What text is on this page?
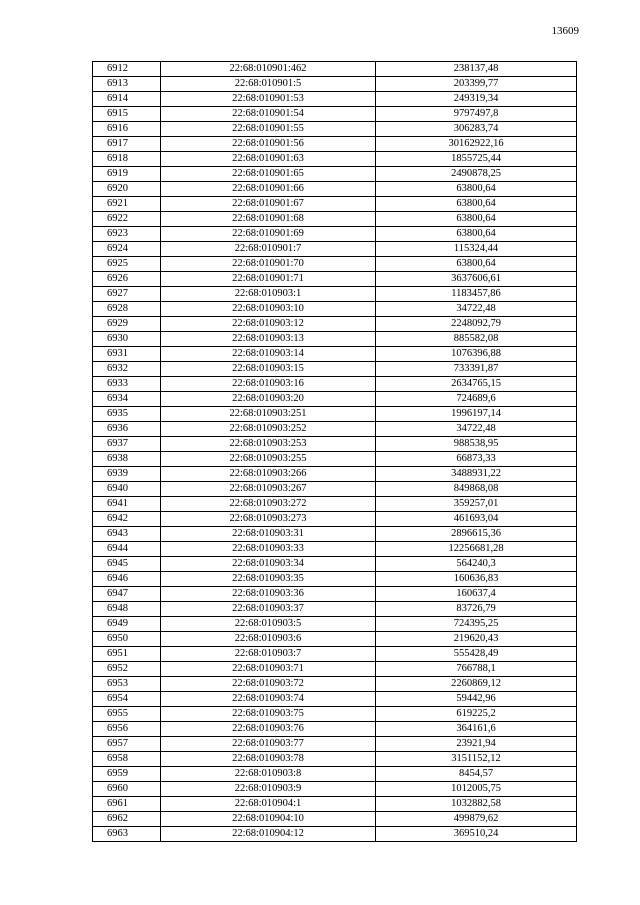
13609
6912	22:68:010901:462	238137,48
6913	22:68:010901:5	203399,77
6914	22:68:010901:53	249319,34
6915	22:68:010901:54	9797497,8
6916	22:68:010901:55	306283,74
6917	22:68:010901:56	30162922,16
6918	22:68:010901:63	1855725,44
6919	22:68:010901:65	2490878,25
6920	22:68:010901:66	63800,64
6921	22:68:010901:67	63800,64
6922	22:68:010901:68	63800,64
6923	22:68:010901:69	63800,64
6924	22:68:010901:7	115324,44
6925	22:68:010901:70	63800,64
6926	22:68:010901:71	3637606,61
6927	22:68:010903:1	1183457,86
6928	22:68:010903:10	34722,48
6929	22:68:010903:12	2248092,79
6930	22:68:010903:13	885582,08
6931	22:68:010903:14	1076396,88
6932	22:68:010903:15	733391,87
6933	22:68:010903:16	2634765,15
6934	22:68:010903:20	724689,6
6935	22:68:010903:251	1996197,14
6936	22:68:010903:252	34722,48
6937	22:68:010903:253	988538,95
6938	22:68:010903:255	66873,33
6939	22:68:010903:266	3488931,22
6940	22:68:010903:267	849868,08
6941	22:68:010903:272	359257,01
6942	22:68:010903:273	461693,04
6943	22:68:010903:31	2896615,36
6944	22:68:010903:33	12256681,28
6945	22:68:010903:34	564240,3
6946	22:68:010903:35	160636,83
6947	22:68:010903:36	160637,4
6948	22:68:010903:37	83726,79
6949	22:68:010903:5	724395,25
6950	22:68:010903:6	219620,43
6951	22:68:010903:7	555428,49
6952	22:68:010903:71	766788,1
6953	22:68:010903:72	2260869,12
6954	22:68:010903:74	59442,96
6955	22:68:010903:75	619225,2
6956	22:68:010903:76	364161,6
6957	22:68:010903:77	23921,94
6958	22:68:010903:78	3151152,12
6959	22:68:010903:8	8454,57
6960	22:68:010903:9	1012005,75
6961	22:68:010904:1	1032882,58
6962	22:68:010904:10	499879,62
6963	22:68:010904:12	369510,24
